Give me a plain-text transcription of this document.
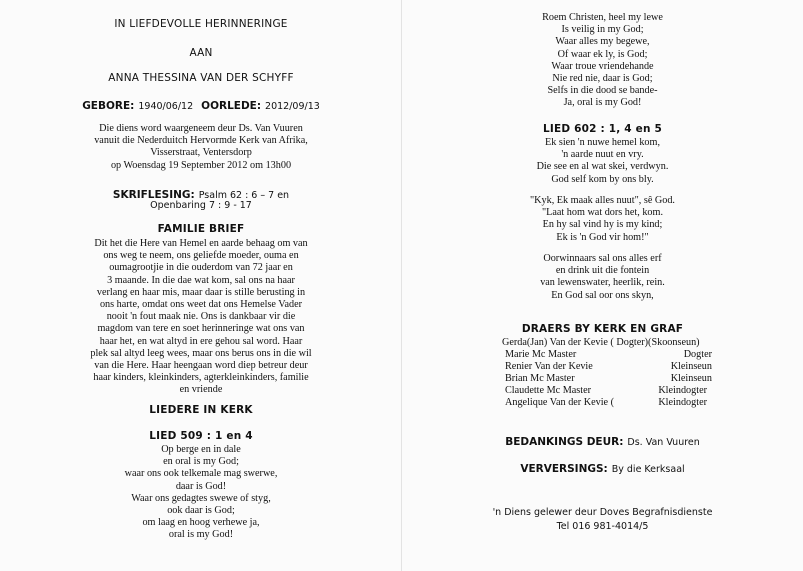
IN LIEFDEVOLLE HERINNERINGE
AAN
ANNA THESSINA VAN DER SCHYFF
GEBORE: 1940/06/12 OORLEDE: 2012/09/13
Die diens word waargeneem deur Ds. Van Vuuren
vanuit die Nederduitch Hervormde Kerk van Afrika,
Visserstraat, Ventersdorp
op Woensdag 19 September 2012 om 13h00
SKRIFLESING: Psalm 62 : 6 – 7 en
Openbaring 7 : 9 - 17
FAMILIE BRIEF
Dit het die Here van Hemel en aarde behaag om van
ons weg te neem, ons geliefde moeder, ouma en
oumagrootjie in die ouderdom van 72 jaar en
3 maande. In die dae wat kom, sal ons na haar
verlang en haar mis, maar daar is stille berusting in
ons harte, omdat ons weet dat ons Hemelse Vader
nooit 'n fout maak nie. Ons is dankbaar vir die
magdom van tere en soet herinneringe wat ons van
haar het, en wat altyd in ere gehou sal word. Haar
plek sal altyd leeg wees, maar ons berus ons in die wil
van die Here. Haar heengaan word diep betreur deur
haar kinders, kleinkinders, agterkleinkinders, familie
en vriende
LIEDERE IN KERK
LIED 509 : 1 en 4
Op berge en in dale
en oral is my God;
waar ons ook telkemale mag swerwe,
daar is God!
Waar ons gedagtes swewe of styg,
ook daar is God;
om laag en hoog verhewe ja,
oral is my God!
Roem Christen, heel my lewe
Is veilig in my God;
Waar alles my begewe,
Of waar ek ly, is God;
Waar troue vriendehande
Nie red nie, daar is God;
Selfs in die dood se bande-
Ja, oral is my God!
LIED 602 : 1, 4 en 5
Ek sien 'n nuwe hemel kom,
'n aarde nuut en vry.
Die see en al wat skei, verdwyn.
God self kom by ons bly.
"Kyk, Ek maak alles nuut", sê God.
"Laat hom wat dors het, kom.
En hy sal vind hy is my kind;
Ek is 'n God vir hom!"
Oorwinnaars sal ons alles erf
en drink uit die fontein
van lewenswater, heerlik, rein.
En God sal oor ons skyn,
DRAERS BY KERK EN GRAF
Gerda(Jan) Van der Kevie ( Dogter)(Skoonseun)
Marie Mc Master	Dogter
Renier Van der Kevie	Kleinseun
Brian Mc Master	Kleinseun
Claudette Mc Master	Kleindogter
Angelique Van der Kevie (	Kleindogter
BEDANKINGS DEUR: Ds. Van Vuuren
VERVERSINGS: By die Kerksaal
'n Diens gelewer deur Doves Begrafnisdienste
Tel 016 981-4014/5
